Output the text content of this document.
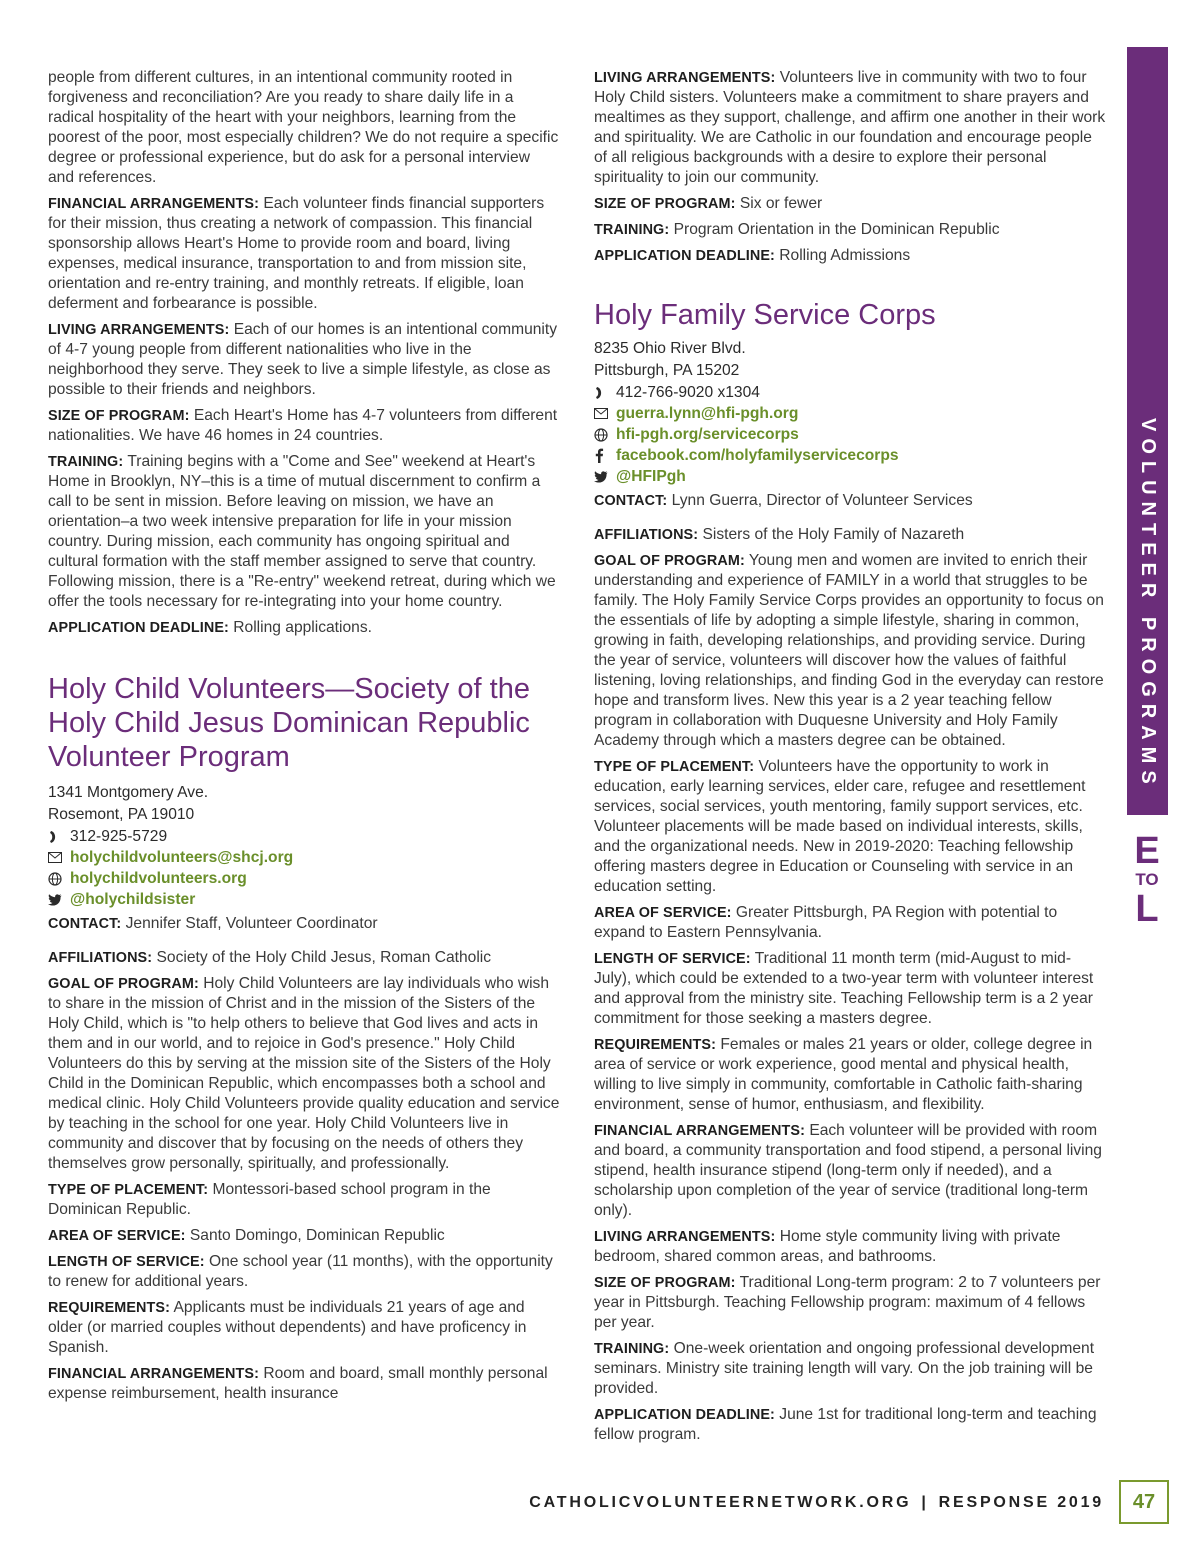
people from different cultures, in an intentional community rooted in forgiveness and reconciliation? Are you ready to share daily life in a radical hospitality of the heart with your neighbors, learning from the poorest of the poor, most especially children? We do not require a specific degree or professional experience, but do ask for a personal interview and references.

FINANCIAL ARRANGEMENTS: Each volunteer finds financial supporters for their mission, thus creating a network of compassion. This financial sponsorship allows Heart's Home to provide room and board, living expenses, medical insurance, transportation to and from mission site, orientation and re-entry training, and monthly retreats. If eligible, loan deferment and forbearance is possible.

LIVING ARRANGEMENTS: Each of our homes is an intentional community of 4-7 young people from different nationalities who live in the neighborhood they serve. They seek to live a simple lifestyle, as close as possible to their friends and neighbors.

SIZE OF PROGRAM: Each Heart's Home has 4-7 volunteers from different nationalities. We have 46 homes in 24 countries.

TRAINING: Training begins with a "Come and See" weekend at Heart's Home in Brooklyn, NY–this is a time of mutual discernment to confirm a call to be sent in mission. Before leaving on mission, we have an orientation–a two week intensive preparation for life in your mission country. During mission, each community has ongoing spiritual and cultural formation with the staff member assigned to serve that country. Following mission, there is a "Re-entry" weekend retreat, during which we offer the tools necessary for re-integrating into your home country.

APPLICATION DEADLINE: Rolling applications.

Holy Child Volunteers—Society of the Holy Child Jesus Dominican Republic Volunteer Program
1341 Montgomery Ave.
Rosemont, PA 19010
312-925-5729
holychildvolunteers@shcj.org
holychildvolunteers.org
@holychildsister

CONTACT: Jennifer Staff, Volunteer Coordinator

AFFILIATIONS: Society of the Holy Child Jesus, Roman Catholic

GOAL OF PROGRAM: Holy Child Volunteers are lay individuals who wish to share in the mission of Christ and in the mission of the Sisters of the Holy Child, which is "to help others to believe that God lives and acts in them and in our world, and to rejoice in God's presence." Holy Child Volunteers do this by serving at the mission site of the Sisters of the Holy Child in the Dominican Republic, which encompasses both a school and medical clinic. Holy Child Volunteers provide quality education and service by teaching in the school for one year. Holy Child Volunteers live in community and discover that by focusing on the needs of others they themselves grow personally, spiritually, and professionally.

TYPE OF PLACEMENT: Montessori-based school program in the Dominican Republic.

AREA OF SERVICE: Santo Domingo, Dominican Republic

LENGTH OF SERVICE: One school year (11 months), with the opportunity to renew for additional years.

REQUIREMENTS: Applicants must be individuals 21 years of age and older (or married couples without dependents) and have proficency in Spanish.

FINANCIAL ARRANGEMENTS: Room and board, small monthly personal expense reimbursement, health insurance

LIVING ARRANGEMENTS: Volunteers live in community with two to four Holy Child sisters. Volunteers make a commitment to share prayers and mealtimes as they support, challenge, and affirm one another in their work and spirituality. We are Catholic in our foundation and encourage people of all religious backgrounds with a desire to explore their personal spirituality to join our community.

SIZE OF PROGRAM: Six or fewer

TRAINING: Program Orientation in the Dominican Republic

APPLICATION DEADLINE: Rolling Admissions

Holy Family Service Corps
8235 Ohio River Blvd.
Pittsburgh, PA 15202
412-766-9020 x1304
guerra.lynn@hfi-pgh.org
hfi-pgh.org/servicecorps
facebook.com/holyfamilyservicecorps
@HFIPgh

CONTACT: Lynn Guerra, Director of Volunteer Services

AFFILIATIONS: Sisters of the Holy Family of Nazareth

GOAL OF PROGRAM: Young men and women are invited to enrich their understanding and experience of FAMILY in a world that struggles to be family. The Holy Family Service Corps provides an opportunity to focus on the essentials of life by adopting a simple lifestyle, sharing in common, growing in faith, developing relationships, and providing service. During the year of service, volunteers will discover how the values of faithful listening, loving relationships, and finding God in the everyday can restore hope and transform lives. New this year is a 2 year teaching fellow program in collaboration with Duquesne University and Holy Family Academy through which a masters degree can be obtained.

TYPE OF PLACEMENT: Volunteers have the opportunity to work in education, early learning services, elder care, refugee and resettlement services, social services, youth mentoring, family support services, etc. Volunteer placements will be made based on individual interests, skills, and the organizational needs. New in 2019-2020: Teaching fellowship offering masters degree in Education or Counseling with service in an education setting.

AREA OF SERVICE: Greater Pittsburgh, PA Region with potential to expand to Eastern Pennsylvania.

LENGTH OF SERVICE: Traditional 11 month term (mid-August to mid-July), which could be extended to a two-year term with volunteer interest and approval from the ministry site. Teaching Fellowship term is a 2 year commitment for those seeking a masters degree.

REQUIREMENTS: Females or males 21 years or older, college degree in area of service or work experience, good mental and physical health, willing to live simply in community, comfortable in Catholic faith-sharing environment, sense of humor, enthusiasm, and flexibility.

FINANCIAL ARRANGEMENTS: Each volunteer will be provided with room and board, a community transportation and food stipend, a personal living stipend, health insurance stipend (long-term only if needed), and a scholarship upon completion of the year of service (traditional long-term only).

LIVING ARRANGEMENTS: Home style community living with private bedroom, shared common areas, and bathrooms.

SIZE OF PROGRAM: Traditional Long-term program: 2 to 7 volunteers per year in Pittsburgh. Teaching Fellowship program: maximum of 4 fellows per year.

TRAINING: One-week orientation and ongoing professional development seminars. Ministry site training length will vary. On the job training will be provided.

APPLICATION DEADLINE: June 1st for traditional long-term and teaching fellow program.

VOLUNTEER PROGRAMS
E
TO
L
CATHOLICVOLUNTEERNETWORK.ORG | RESPONSE 2019	47
